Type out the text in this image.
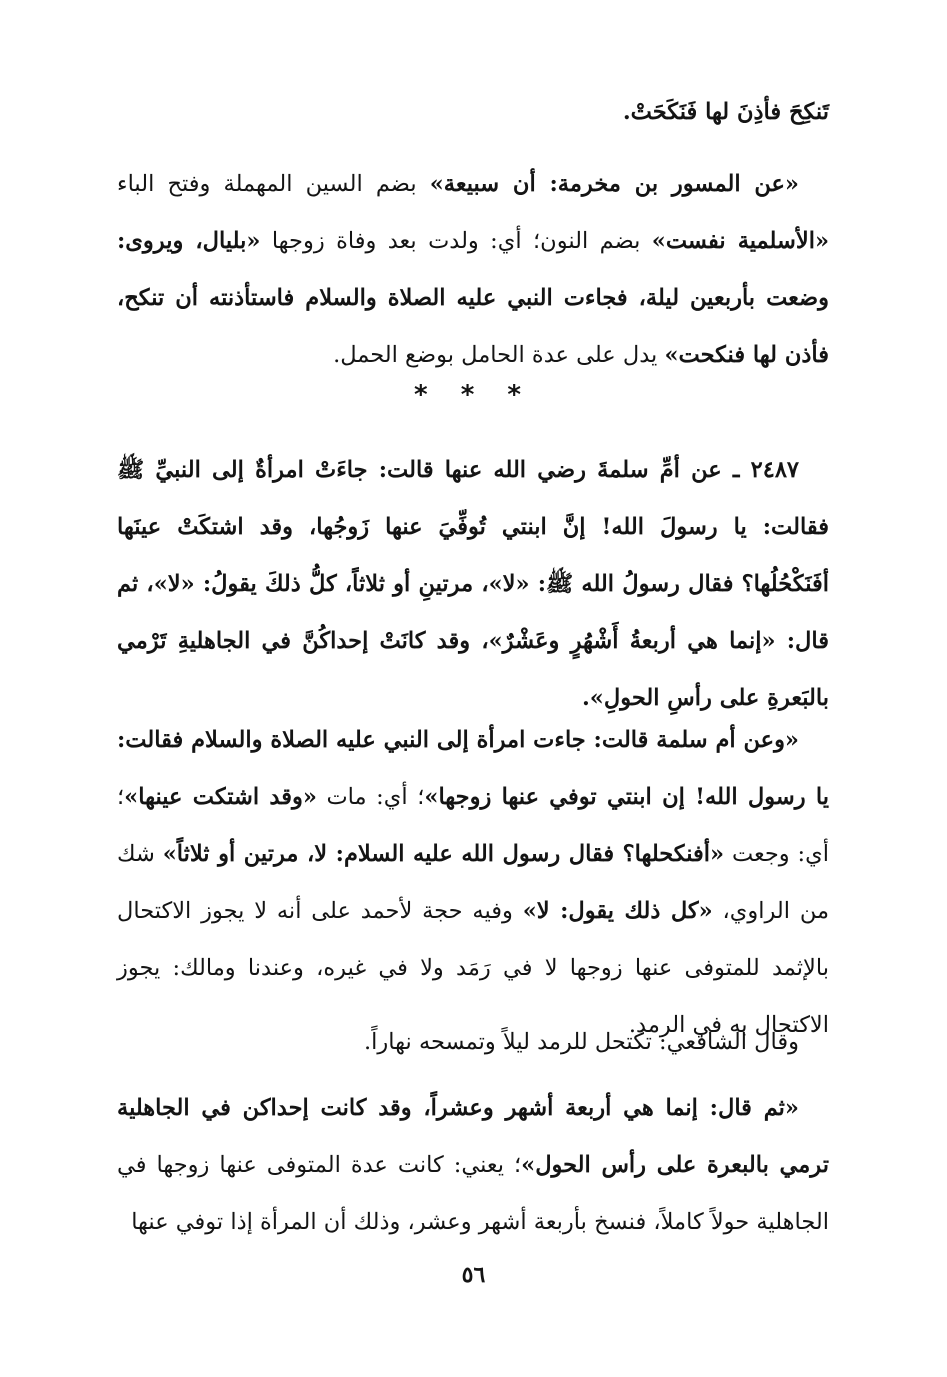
تَنكِحَ فأذِنَ لها فَنَكَحَتْ.

«عن المسور بن مخرمة: أن سبيعة» بضم السين المهملة وفتح الباء «الأسلمية نفست» بضم النون؛ أي: ولدت بعد وفاة زوجها «بليال، ويروى: وضعت بأربعين ليلة، فجاءت النبي عليه الصلاة والسلام فاستأذنته أن تنكح، فأذن لها فنكحت» يدل على عدة الحامل بوضع الحمل.

* * *

٢٤٨٧ ـ عن أمِّ سلمةَ رضي الله عنها قالت: جاءَتْ امرأةٌ إلى النبيِّ ﷺ فقالت: يا رسولَ الله! إنَّ ابنتي تُوفِّيَ عنها زَوجُها، وقد اشتكَتْ عينَها أفَنَكْحُلُها؟ فقال رسولُ الله ﷺ: «لا»، مرتينِ أو ثلاثاً، كلُّ ذلكَ يقولُ: «لا»، ثم قال: «إنما هي أربعةُ أَشْهُرٍ وعَشْرٌ»، وقد كانَتْ إحداكُنَّ في الجاهليةِ تَرْمي بالبَعرةِ على رأسِ الحولِ».

«وعن أم سلمة قالت: جاءت امرأة إلى النبي عليه الصلاة والسلام فقالت: يا رسول الله! إن ابنتي توفي عنها زوجها»؛ أي: مات «وقد اشتكت عينها»؛ أي: وجعت «أفنكحلها؟ فقال رسول الله عليه السلام: لا، مرتين أو ثلاثاً» شك من الراوي، «كل ذلك يقول: لا» وفيه حجة لأحمد على أنه لا يجوز الاكتحال بالإثمد للمتوفى عنها زوجها لا في رَمَد ولا في غيره، وعندنا ومالك: يجوز الاكتحال به في الرمد.

وقال الشافعي: تكتحل للرمد ليلاً وتمسحه نهاراً.

«ثم قال: إنما هي أربعة أشهر وعشراً، وقد كانت إحداكن في الجاهلية ترمي بالبعرة على رأس الحول»؛ يعني: كانت عدة المتوفى عنها زوجها في الجاهلية حولاً كاملاً، فنسخ بأربعة أشهر وعشر، وذلك أن المرأة إذا توفي عنها

٥٦
